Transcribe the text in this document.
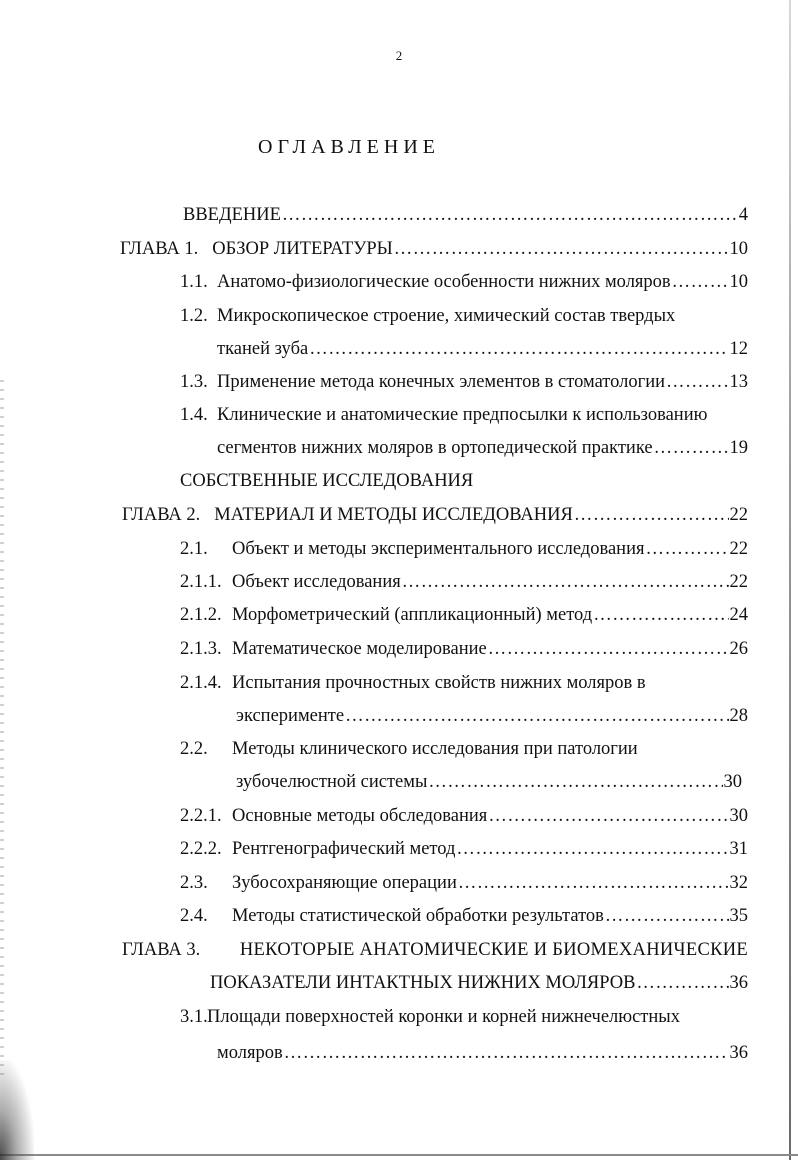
2
ОГЛАВЛЕНИЕ
ВВЕДЕНИЕ …………………………………………………………………………………………………………………………	4
ГЛАВА 1. ОБЗОР ЛИТЕРАТУРЫ …………………………………………………………………………………………………………………………	10
1.1. Анатомо-физиологические особенности нижних моляров …………………………………………………………………………………………………………………………	10
1.2. Микроскопическое строение, химический состав твердых
тканей зуба …………………………………………………………………………………………………………………………	12
1.3. Применение метода конечных элементов в стоматологии …………………………………………………………………………………………………………………………	13
1.4. Клинические и анатомические предпосылки к использованию
сегментов нижних моляров в ортопедической практике …………………………………………………………………………………………………………………………	19
СОБСТВЕННЫЕ ИССЛЕДОВАНИЯ
ГЛАВА 2. МАТЕРИАЛ И МЕТОДЫ ИССЛЕДОВАНИЯ …………………………………………………………………………………………………………………………	22
2.1.	Объект и методы экспериментального исследования …………………………………………………………………………………………………………………………	22
2.1.1. Объект исследования …………………………………………………………………………………………………………………………	22
2.1.2. Морфометрический (аппликационный) метод …………………………………………………………………………………………………………………………	24
2.1.3. Математическое моделирование …………………………………………………………………………………………………………………………	26
2.1.4. Испытания прочностных свойств нижних моляров в
эксперименте …………………………………………………………………………………………………………………………	28
2.2. Методы клинического исследования при патологии
зубочелюстной системы …………………………………………………………………………………………………………………………	30
2.2.1. Основные методы обследования …………………………………………………………………………………………………………………………	30
2.2.2. Рентгенографический метод …………………………………………………………………………………………………………………………	31
2.3.	Зубосохраняющие операции …………………………………………………………………………………………………………………………	32
2.4.	Методы статистической обработки результатов …………………………………………………………………………………………………………………………	35
ГЛАВА 3. НЕКОТОРЫЕ АНАТОМИЧЕСКИЕ И БИОМЕХАНИЧЕСКИЕ
ПОКАЗАТЕЛИ ИНТАКТНЫХ НИЖНИХ МОЛЯРОВ …………………………………………………………………………………………………………………………	36
3.1.Площади поверхностей коронки и корней нижнечелюстных
моляров …………………………………………………………………………………………………………………………	36
